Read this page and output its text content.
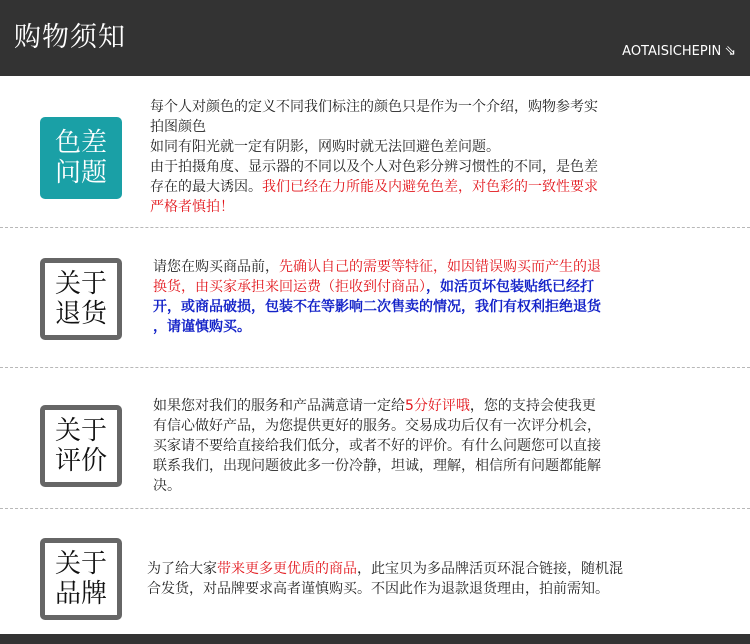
购物须知	AOTAISICHEPIN ⇘
色差
问题
每个人对颜色的定义不同我们标注的颜色只是作为一个介绍，购物参考实
拍图颜色
如同有阳光就一定有阴影，网购时就无法回避色差问题。
由于拍摄角度、显示器的不同以及个人对色彩分辨习惯性的不同，是色差
存在的最大诱因。我们已经在力所能及内避免色差，对色彩的一致性要求
严格者慎拍！
关于
退货
请您在购买商品前，先确认自己的需要等特征，如因错误购买而产生的退
换货，由买家承担来回运费（拒收到付商品），如活页坏包装贴纸已经打
开，或商品破损，包装不在等影响二次售卖的情况，我们有权利拒绝退货
，请谨慎购买。
关于
评价
如果您对我们的服务和产品满意请一定给5分好评哦，您的支持会使我更
有信心做好产品，为您提供更好的服务。交易成功后仅有一次评分机会，
买家请不要给直接给我们低分，或者不好的评价。有什么问题您可以直接
联系我们，出现问题彼此多一份冷静，坦诚，理解，相信所有问题都能解
决。
关于
品牌
为了给大家带来更多更优质的商品，此宝贝为多品牌活页环混合链接，随机混
合发货，对品牌要求高者谨慎购买。不因此作为退款退货理由，拍前需知。
